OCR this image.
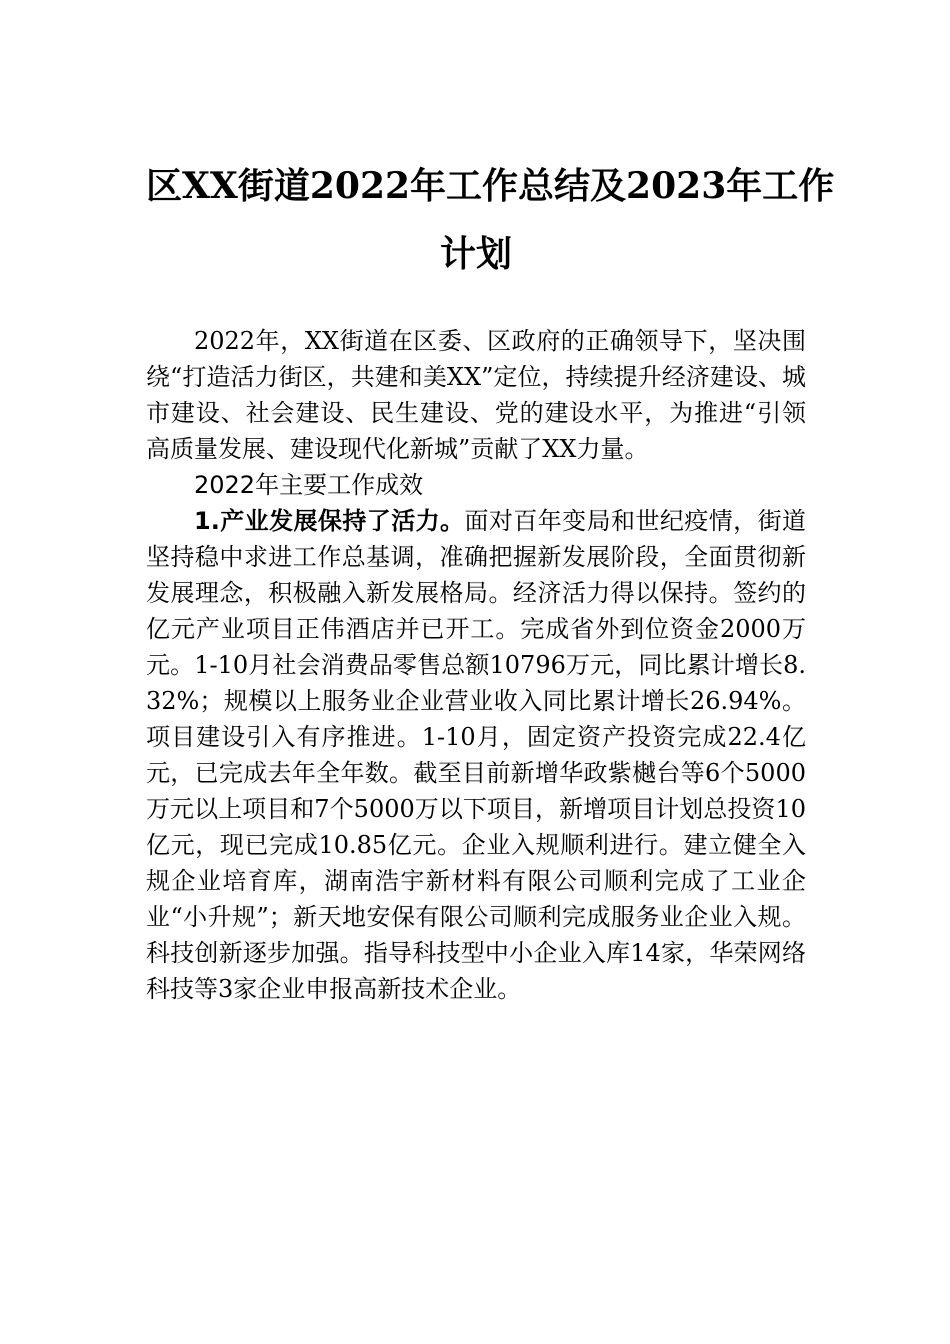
区XX街道2022年工作总结及2023年工作
计划

2022年，XX街道在区委、区政府的正确领导下，坚决围绕“打造活力街区，共建和美XX”定位，持续提升经济建设、城市建设、社会建设、民生建设、党的建设水平，为推进“引领高质量发展、建设现代化新城”贡献了XX力量。

2022年主要工作成效

1.产业发展保持了活力。面对百年变局和世纪疫情，街道坚持稳中求进工作总基调，准确把握新发展阶段，全面贯彻新发展理念，积极融入新发展格局。经济活力得以保持。签约的亿元产业项目正伟酒店并已开工。完成省外到位资金2000万元。1-10月社会消费品零售总额10796万元，同比累计增长8.32%；规模以上服务业企业营业收入同比累计增长26.94%。项目建设引入有序推进。1-10月，固定资产投资完成22.4亿元，已完成去年全年数。截至目前新增华政紫樾台等6个5000万元以上项目和7个5000万以下项目，新增项目计划总投资10亿元，现已完成10.85亿元。企业入规顺利进行。建立健全入规企业培育库，湖南浩宇新材料有限公司顺利完成了工业企业“小升规”；新天地安保有限公司顺利完成服务业企业入规。科技创新逐步加强。指导科技型中小企业入库14家，华荣网络科技等3家企业申报高新技术企业。
